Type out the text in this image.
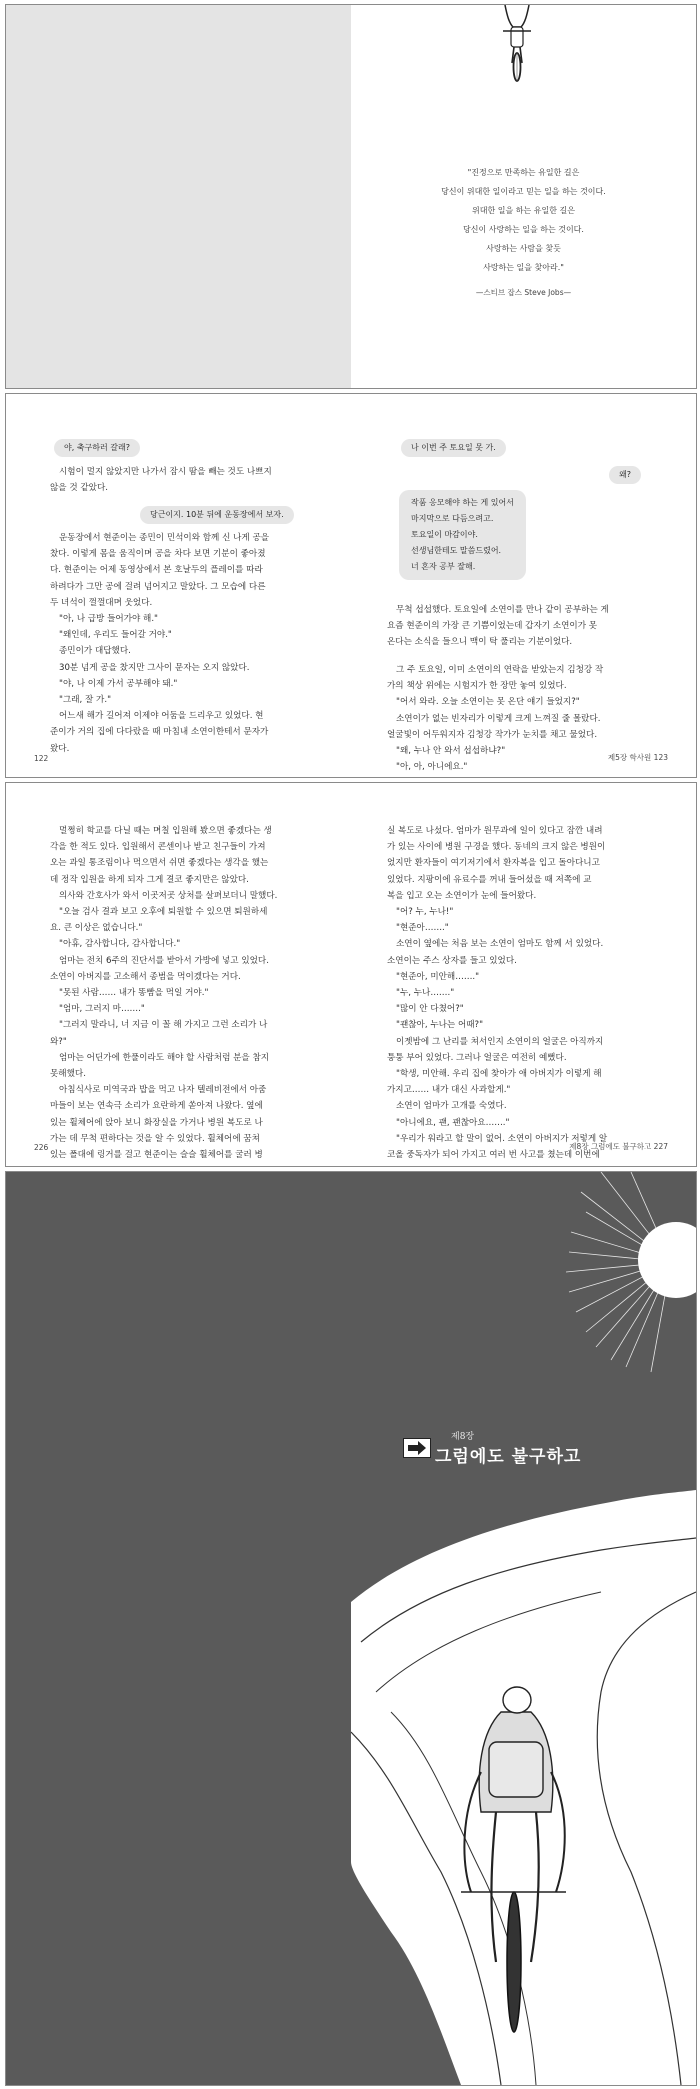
"진정으로 만족하는 유일한 길은
당신이 위대한 일이라고 믿는 일을 하는 것이다.
위대한 일을 하는 유일한 길은
당신이 사랑하는 일을 하는 것이다.
사랑하는 사람을 찾듯
사랑하는 일을 찾아라."
—스티브 잡스 Steve Jobs—
야, 축구하러 갈래?

시험이 멀지 않았지만 나가서 잠시 땀을 빼는 것도 나쁘지

않을 것 같았다.

당근이지. 10분 뒤에 운동장에서 보자.

운동장에서 현준이는 종민이 민석이와 함께 신 나게 공을

찼다. 이렇게 몸을 움직이며 공을 차다 보면 기분이 좋아졌

다. 현준이는 어제 동영상에서 본 호날두의 플레이를 따라

하려다가 그만 공에 걸려 넘어지고 말았다. 그 모습에 다른

두 녀석이 껄껄대며 웃었다.

"아, 나 급방 들어가야 해."

"왜인데, 우리도 들어갈 거야."

종민이가 대답했다.

30분 넘게 공을 찼지만 그사이 문자는 오지 않았다.

"야, 나 이제 가서 공부해야 돼."

"그래, 잘 가."

어느새 해가 길어져 이제야 어둠을 드리우고 있었다. 현

준이가 거의 집에 다다랐을 때 마침내 소연이한테서 문자가

왔다.

122
나 이번 주 토요일 못 가.
왜?
작품 응모해야 하는 게 있어서
마지막으로 다듬으려고.
토요일이 마감이야.
선생님한테도 말씀드렸어.
너 혼자 공부 잘해.

무척 섭섭했다. 토요일에 소연이를 만나 같이 공부하는 게

요즘 현준이의 가장 큰 기쁨이었는데 갑자기 소연이가 못

온다는 소식을 들으니 맥이 탁 풀리는 기분이었다.

그 주 토요일, 이미 소연이의 연락을 받았는지 김청강 작

가의 책상 위에는 시험지가 한 장만 놓여 있었다.

"어서 와라. 오늘 소연이는 못 온단 얘기 들었지?"

소연이가 없는 빈자리가 이렇게 크게 느껴질 줄 몰랐다.

얼굴빛이 어두워지자 김청강 작가가 눈치를 채고 물었다.

"왜, 누나 안 와서 섭섭하냐?"

"아, 아, 아니에요."

제5장 학사원 123

멀쩡히 학교를 다닐 때는 며칠 입원해 봤으면 좋겠다는 생

각을 한 적도 있다. 입원해서 콘센이나 받고 친구들이 가져

오는 과일 통조림이나 먹으면서 쉬면 좋겠다는 생각을 했는

데 정작 입원을 하게 되자 그게 결코 좋지만은 않았다.

의사와 간호사가 와서 이곳저곳 상처를 살펴보더니 말했다.

"오늘 검사 결과 보고 오후에 퇴원할 수 있으면 퇴원하세

요. 큰 이상은 없습니다."

"아휴, 감사합니다, 감사합니다."

엄마는 전치 6주의 진단서를 받아서 가방에 넣고 있었다.

소연이 아버지를 고소해서 종범을 먹이겠다는 거다.

"못된 사람…… 내가 똥빰을 먹일 거야."

"엄마, 그러지 마……."

"그러지 말라니, 너 지금 이 꼴 해 가지고 그런 소리가 나

와?"

엄마는 어딘가에 한풀이라도 해야 할 사람처럼 분을 참지

못해했다.

아침식사로 미역국과 밥을 먹고 나자 텔레비전에서 아줌

마들이 보는 연속극 소리가 요란하게 쏟아져 나왔다. 옆에

있는 휠체어에 앉아 보니 화장실을 가거나 병원 복도로 나

가는 데 무척 편하다는 것을 알 수 있었다. 휠체어에 꿈쳐

있는 폴대에 링거를 걸고 현준이는 슬슬 휠체어를 굴러 병

226

실 복도로 나섰다. 엄마가 원무과에 일이 있다고 잠깐 내려

가 있는 사이에 병원 구경을 했다. 동네의 크지 않은 병원이

었지만 환자들이 여기저기에서 환자복을 입고 돌아다니고

있었다. 지팡이에 유료수를 꺼내 들어섰을 때 저쪽에 교

복을 입고 오는 소연이가 눈에 들어왔다.

"어? 누, 누나!"

"현준아……."

소연이 옆에는 처음 보는 소연이 엄마도 함께 서 있었다.

소연이는 주스 상자를 들고 있었다.

"현준아, 미안해……."

"누, 누나……."

"많이 안 다쳤어?"

"괜찮아, 누나는 어때?"

이젯밤에 그 난리를 쳐서인지 소연이의 얼굴은 아직까지

퉁퉁 부어 있었다. 그러나 얼굴은 여전히 예뻤다.

"학생, 미안해. 우리 집에 찾아가 애 아버지가 이렇게 해

가지고…… 내가 대신 사과할게."

소연이 엄마가 고개를 숙였다.

"아니에요, 괜, 괜찮아요……."

"우리가 워라고 할 말이 없어. 소연이 아버지가 저렇게 알

코올 중독자가 되어 가지고 여러 번 사고를 쳤는데 이번에

제8장 그럼에도 불구하고 227
제8장
그럼에도 불구하고
